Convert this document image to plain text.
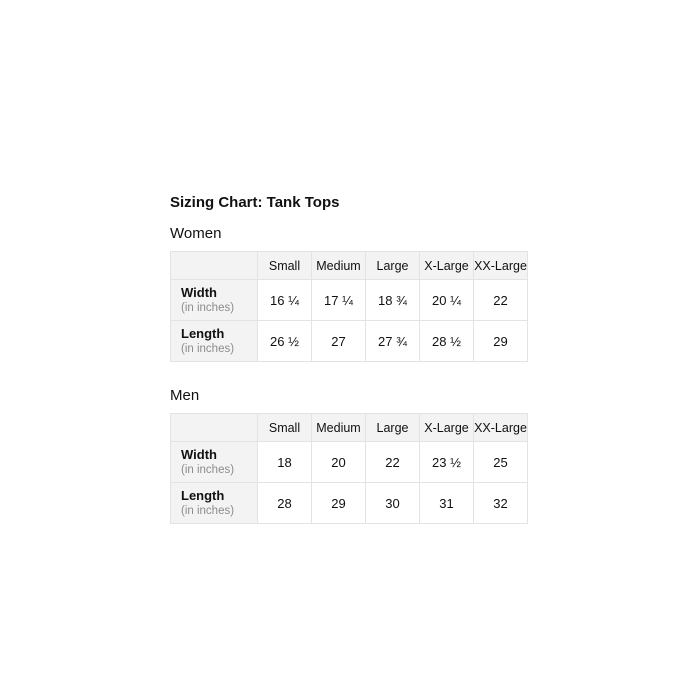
Sizing Chart: Tank Tops
Women
	Small	Medium	Large	X-Large	XX-Large

Width
(in inches)	16 ¼	17 ¼	18 ¾	20 ¼	22

Length
(in inches)	26 ½	27	27 ¾	28 ½	29
Men
	Small	Medium	Large	X-Large	XX-Large

Width
(in inches)	18	20	22	23 ½	25

Length
(in inches)	28	29	30	31	32
